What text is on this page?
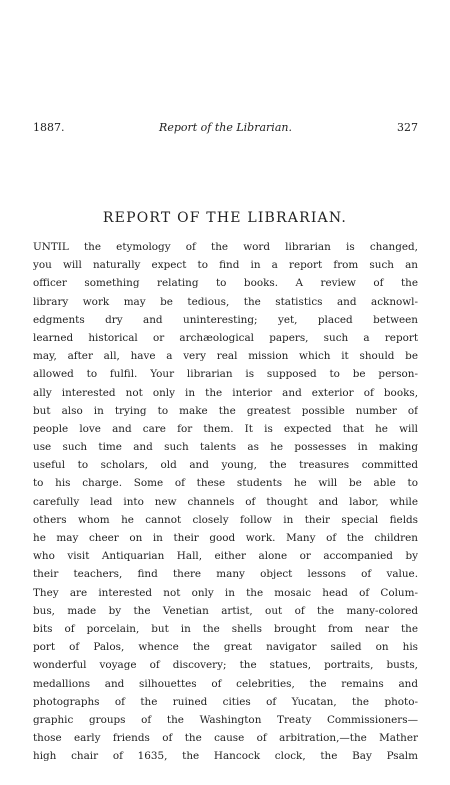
1887.	Report of the Librarian.	327
REPORT OF THE LIBRARIAN.
UNTIL the etymology of the word librarian is changed,
you will naturally expect to find in a report from such an
officer something relating to books. A review of the
library work may be tedious, the statistics and acknowl-
edgments dry and uninteresting; yet, placed between
learned historical or archæological papers, such a report
may, after all, have a very real mission which it should be
allowed to fulfil. Your librarian is supposed to be person-
ally interested not only in the interior and exterior of books,
but also in trying to make the greatest possible number of
people love and care for them. It is expected that he will
use such time and such talents as he possesses in making
useful to scholars, old and young, the treasures committed
to his charge. Some of these students he will be able to
carefully lead into new channels of thought and labor, while
others whom he cannot closely follow in their special fields
he may cheer on in their good work. Many of the children
who visit Antiquarian Hall, either alone or accompanied by
their teachers, find there many object lessons of value.
They are interested not only in the mosaic head of Colum-
bus, made by the Venetian artist, out of the many-colored
bits of porcelain, but in the shells brought from near the
port of Palos, whence the great navigator sailed on his
wonderful voyage of discovery; the statues, portraits, busts,
medallions and silhouettes of celebrities, the remains and
photographs of the ruined cities of Yucatan, the photo-
graphic groups of the Washington Treaty Commissioners—
those early friends of the cause of arbitration,—the Mather
high chair of 1635, the Hancock clock, the Bay Psalm
